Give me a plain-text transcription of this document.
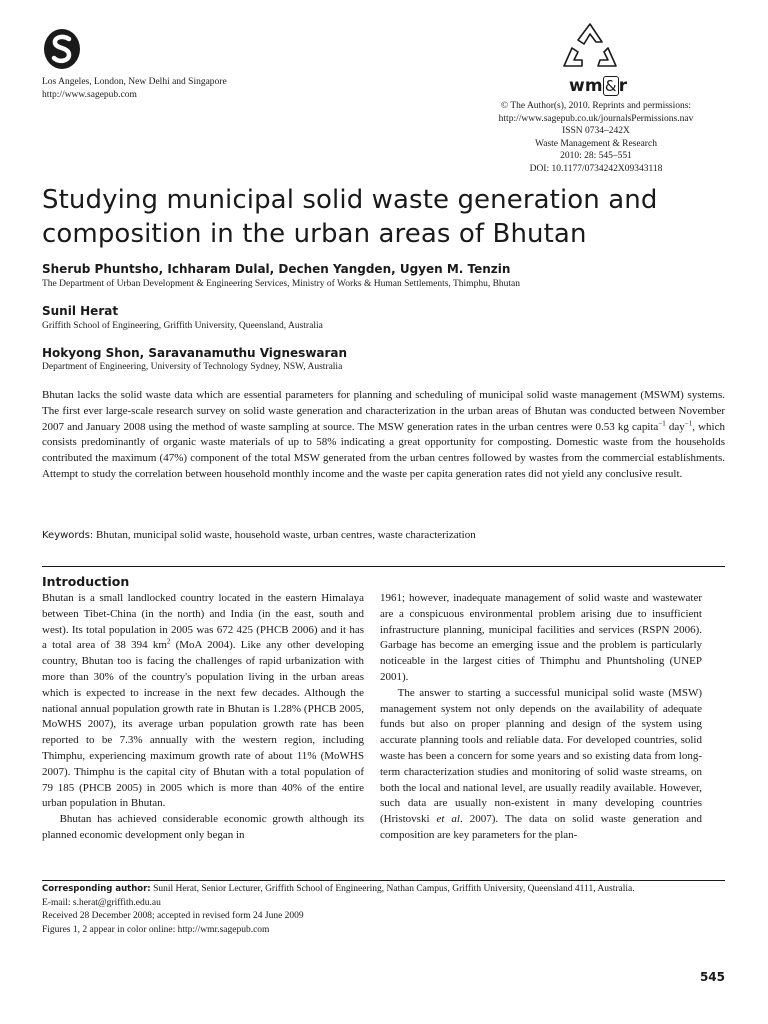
Los Angeles, London, New Delhi and Singapore
http://www.sagepub.com	wm & r
© The Author(s), 2010. Reprints and permissions:
http://www.sagepub.co.uk/journalsPermissions.nav
ISSN 0734–242X
Waste Management & Research
2010: 28: 545–551
DOI: 10.1177/0734242X09343118
Studying municipal solid waste generation and composition in the urban areas of Bhutan
Sherub Phuntsho, Ichharam Dulal, Dechen Yangden, Ugyen M. Tenzin
The Department of Urban Development & Engineering Services, Ministry of Works & Human Settlements, Thimphu, Bhutan
Sunil Herat
Griffith School of Engineering, Griffith University, Queensland, Australia
Hokyong Shon, Saravanamuthu Vigneswaran
Department of Engineering, University of Technology Sydney, NSW, Australia

Bhutan lacks the solid waste data which are essential parameters for planning and scheduling of municipal solid waste management (MSWM) systems. The first ever large-scale research survey on solid waste generation and characterization in the urban areas of Bhutan was conducted between November 2007 and January 2008 using the method of waste sampling at source. The MSW generation rates in the urban centres were 0.53 kg capita$^{-1}$ day$^{-1}$, which consists predominantly of organic waste materials of up to 58% indicating a great opportunity for composting. Domestic waste from the households contributed the maximum (47%) component of the total MSW generated from the urban centres followed by wastes from the commercial establishments. Attempt to study the correlation between household monthly income and the waste per capita generation rates did not yield any conclusive result.

Keywords: Bhutan, municipal solid waste, household waste, urban centres, waste characterization
Introduction

Bhutan is a small landlocked country located in the eastern Himalaya between Tibet-China (in the north) and India (in the east, south and west). Its total population in 2005 was 672 425 (PHCB 2006) and it has a total area of 38 394 $km^2$ (MoA 2004). Like any other developing country, Bhutan too is facing the challenges of rapid urbanization with more than 30% of the country's population living in the urban areas which is expected to increase in the next few decades. Although the national annual population growth rate in Bhutan is 1.28% (PHCB 2005, MoWHS 2007), its average urban population growth rate has been reported to be 7.3% annually with the western region, including Thimphu, experiencing maximum growth rate of about 11% (MoWHS 2007). Thimphu is the capital city of Bhutan with a total population of 79 185 (PHCB 2005) in 2005 which is more than 40% of the entire urban population in Bhutan.

Bhutan has achieved considerable economic growth although its planned economic development only began in

1961; however, inadequate management of solid waste and wastewater are a conspicuous environmental problem arising due to insufficient infrastructure planning, municipal facilities and services (RSPN 2006). Garbage has become an emerging issue and the problem is particularly noticeable in the largest cities of Thimphu and Phuntsholing (UNEP 2001).

The answer to starting a successful municipal solid waste (MSW) management system not only depends on the availability of adequate funds but also on proper planning and design of the system using accurate planning tools and reliable data. For developed countries, solid waste has been a concern for some years and so existing data from long-term characterization studies and monitoring of solid waste streams, on both the local and national level, are usually readily available. However, such data are usually non-existent in many developing countries (Hristovski et al. 2007). The data on solid waste generation and composition are key parameters for the plan-

Corresponding author: Sunil Herat, Senior Lecturer, Griffith School of Engineering, Nathan Campus, Griffith University, Queensland 4111, Australia.
E-mail: s.herat@griffith.edu.au
Received 28 December 2008; accepted in revised form 24 June 2009
Figures 1, 2 appear in color online: http://wmr.sagepub.com
545
